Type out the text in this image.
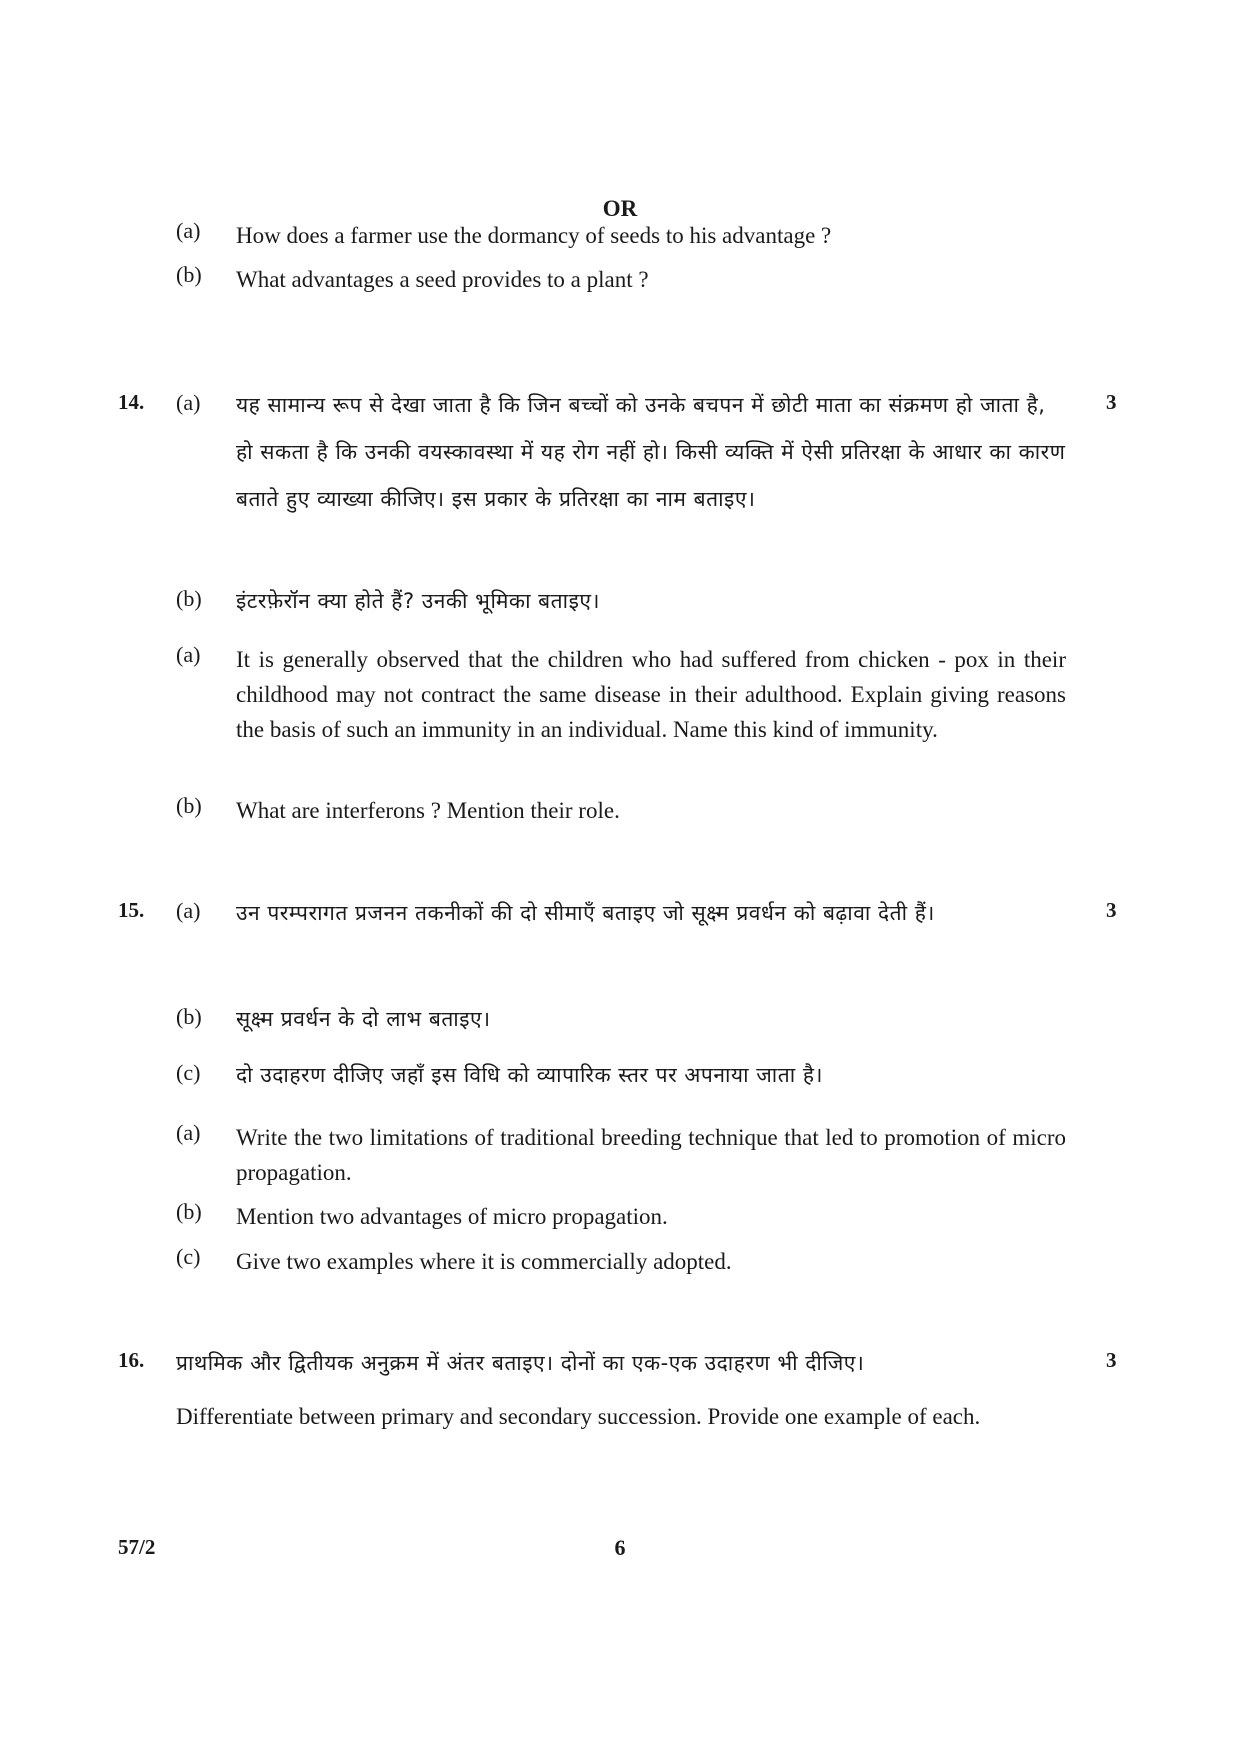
OR
(a)	How does a farmer use the dormancy of seeds to his advantage ?
(b)	What advantages a seed provides to a plant ?
14.	(a)	यह सामान्य रूप से देखा जाता है कि जिन बच्चों को उनके बचपन में छोटी माता का संक्रमण हो जाता है, हो सकता है कि उनकी वयस्कावस्था में यह रोग नहीं हो। किसी व्यक्ति में ऐसी प्रतिरक्षा के आधार का कारण बताते हुए व्याख्या कीजिए। इस प्रकार के प्रतिरक्षा का नाम बताइए।
3
(b)	इंटरफ़ेरॉन क्या होते हैं? उनकी भूमिका बताइए।
(a)	It is generally observed that the children who had suffered from chicken - pox in their childhood may not contract the same disease in their adulthood. Explain giving reasons the basis of such an immunity in an individual. Name this kind of immunity.
(b)	What are interferons ? Mention their role.
15.	(a)	उन परम्परागत प्रजनन तकनीकों की दो सीमाएँ बताइए जो सूक्ष्म प्रवर्धन को बढ़ावा देती हैं।	3
(b)	सूक्ष्म प्रवर्धन के दो लाभ बताइए।
(c)	दो उदाहरण दीजिए जहाँ इस विधि को व्यापारिक स्तर पर अपनाया जाता है।
(a)	Write the two limitations of traditional breeding technique that led to promotion of micro propagation.
(b)	Mention two advantages of micro propagation.
(c)	Give two examples where it is commercially adopted.
16.	प्राथमिक और द्वितीयक अनुक्रम में अंतर बताइए। दोनों का एक-एक उदाहरण भी दीजिए।	3
Differentiate between primary and secondary succession. Provide one example of each.
57/2	6
